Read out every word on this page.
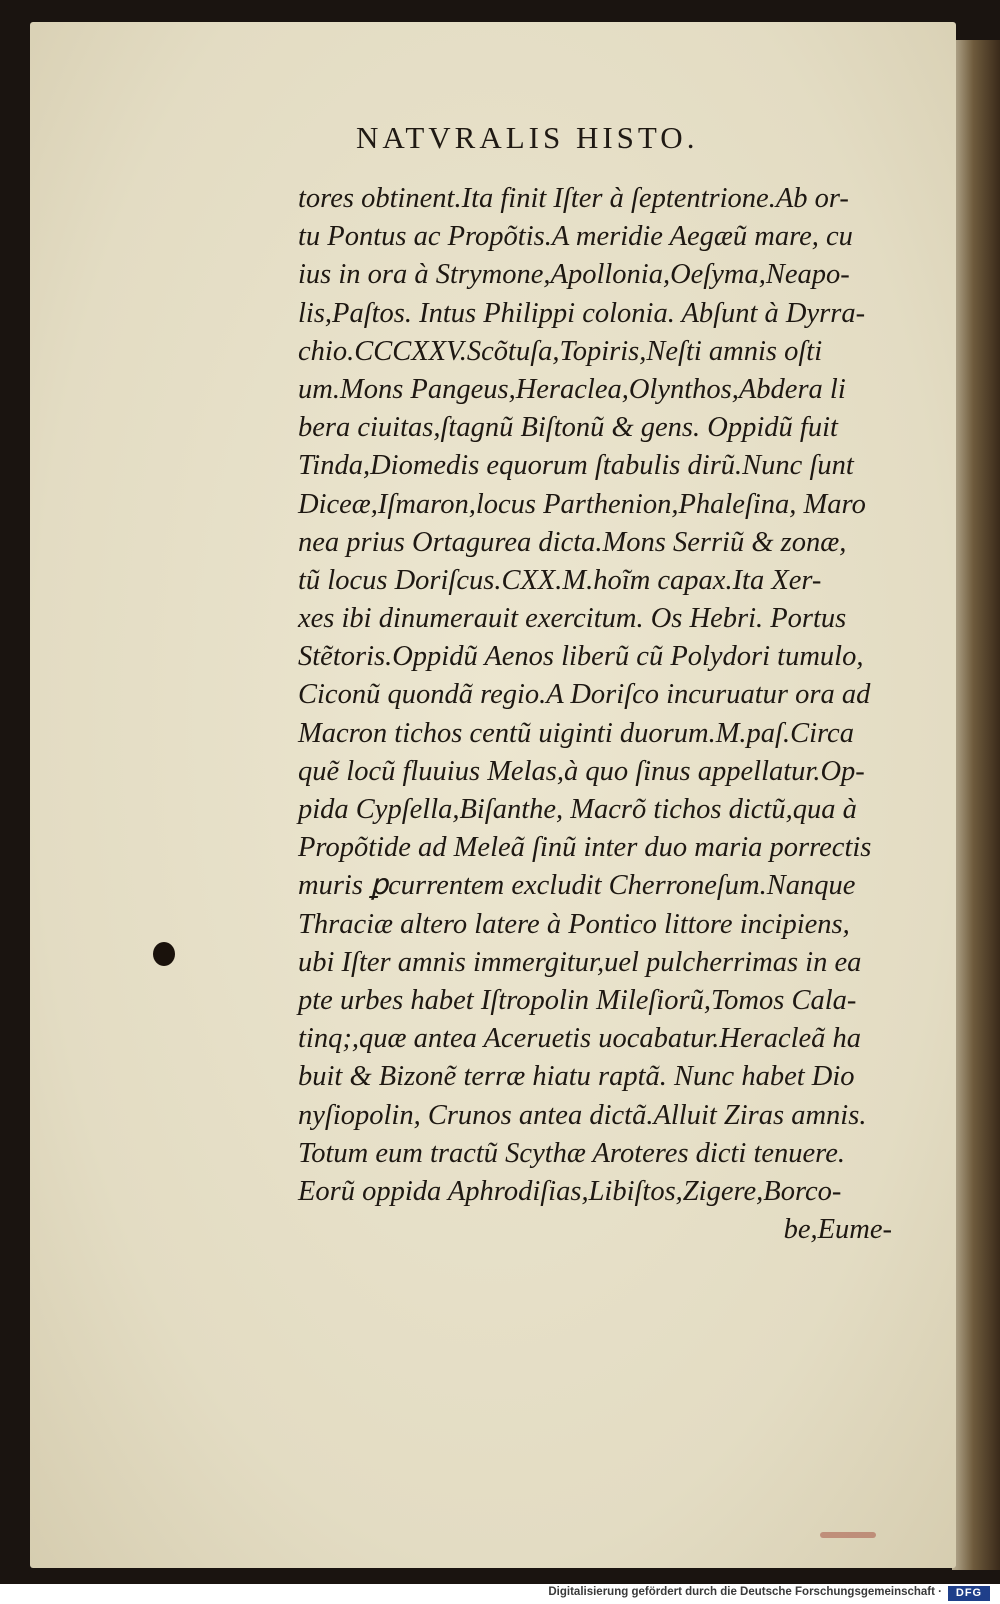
NATVRALIS HISTO.
tores obtinent.Ita finit Iſter à ſeptentrione.Ab or-
tu Pontus ac Propõtis.A meridie Aegæũ mare, cu
ius in ora à Strymone,Apollonia,Oeſyma,Neapo-
lis,Paſtos. Intus Philippi colonia. Abſunt à Dyrra-
chio.CCCXXV.Scõtuſa,Topiris,Neſti amnis oſti
um.Mons Pangeus,Heraclea,Olynthos,Abdera li
bera ciuitas,ſtagnũ Biſtonũ & gens. Oppidũ fuit
Tinda,Diomedis equorum ſtabulis dirũ.Nunc ſunt
Diceæ,Iſmaron,locus Parthenion,Phaleſina, Maro
nea prius Ortagurea dicta.Mons Serriũ & zonæ,
tũ locus Doriſcus.CXX.M.hoĩm capax.Ita Xer-
xes ibi dinumerauit exercitum. Os Hebri. Portus
Stẽtoris.Oppidũ Aenos liberũ cũ Polydori tumulo,
Ciconũ quondã regio.A Doriſco incuruatur ora ad
Macron tichos centũ uiginti duorum.M.paſ.Circa
quẽ locũ fluuius Melas,à quo ſinus appellatur.Op-
pida Cypſella,Biſanthe, Macrõ tichos dictũ,qua à
Propõtide ad Meleã ſinũ inter duo maria porrectis
muris ꝑcurrentem excludit Cherroneſum.Nanque
Thraciæ altero latere à Pontico littore incipiens,
ubi Iſter amnis immergitur,uel pulcherrimas in ea
pte urbes habet Iſtropolin Mileſiorũ,Tomos Cala-
tinq;,quæ antea Aceruetis uocabatur.Heracleã ha
buit & Bizonẽ terræ hiatu raptã. Nunc habet Dio
nyſiopolin, Crunos antea dictã.Alluit Ziras amnis.
Totum eum tractũ Scythæ Aroteres dicti tenuere.
Eorũ oppida Aphrodiſias,Libiſtos,Zigere,Borco-
be,Eume-
Digitalisierung gefördert durch die Deutsche Forschungsgemeinschaft ·	DFG
